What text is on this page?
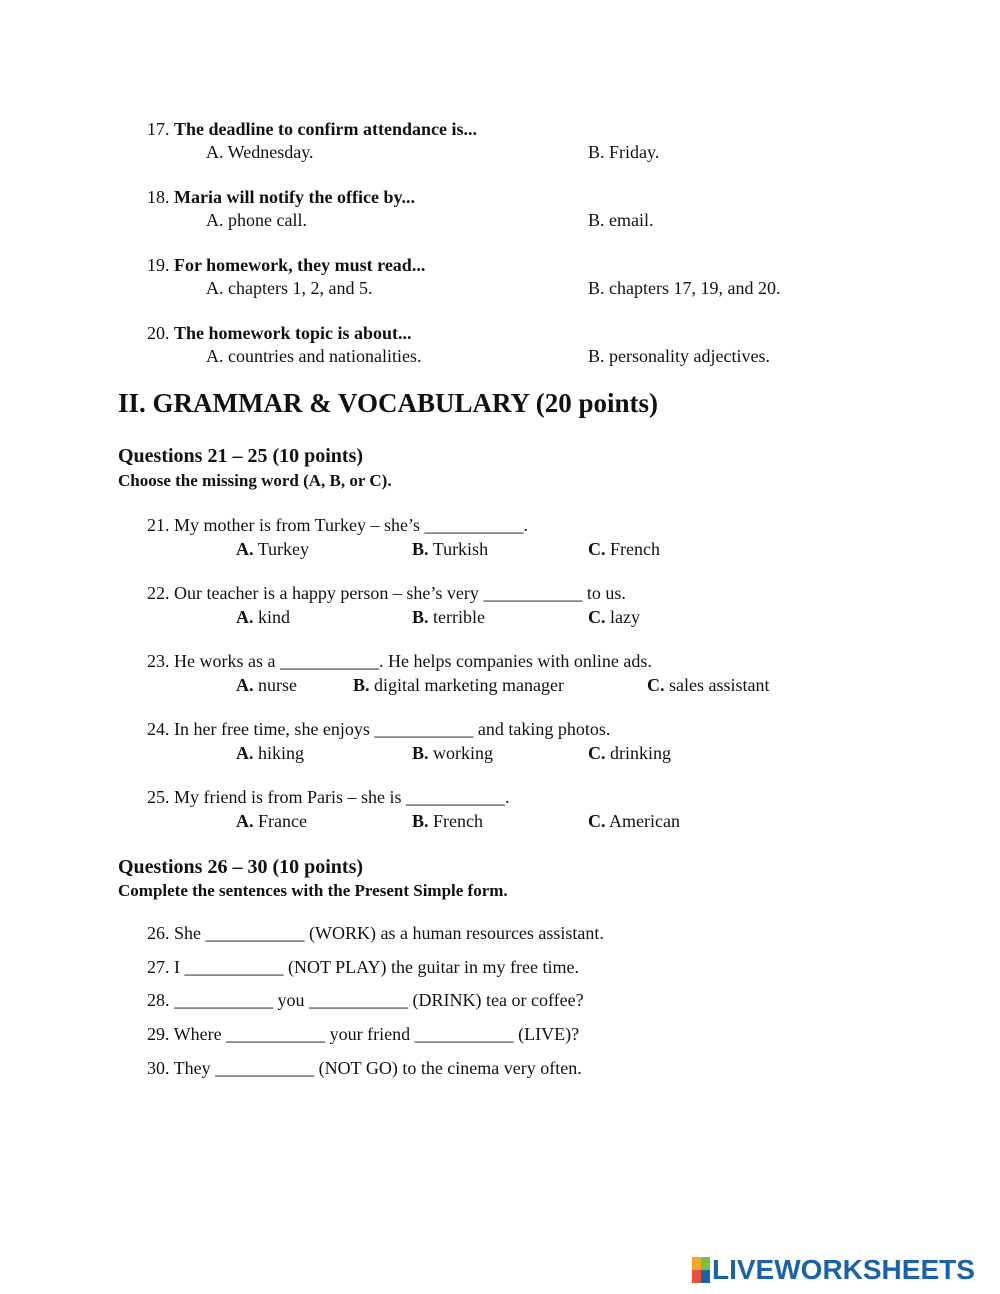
17. The deadline to confirm attendance is...
A. Wednesday.	B. Friday.
18. Maria will notify the office by...
A. phone call.	B. email.
19. For homework, they must read...
A. chapters 1, 2, and 5.	B. chapters 17, 19, and 20.
20. The homework topic is about...
A. countries and nationalities.	B. personality adjectives.
II. GRAMMAR & VOCABULARY (20 points)
Questions 21 – 25 (10 points)
Choose the missing word (A, B, or C).
21. My mother is from Turkey – she’s ___________.
A. Turkey	B. Turkish	C. French
22. Our teacher is a happy person – she’s very ___________ to us.
A. kind	B. terrible	C. lazy
23. He works as a ___________. He helps companies with online ads.
A. nurse	B. digital marketing manager	C. sales assistant
24. In her free time, she enjoys ___________ and taking photos.
A. hiking	B. working	C. drinking
25. My friend is from Paris – she is ___________.
A. France	B. French	C. American
Questions 26 – 30 (10 points)
Complete the sentences with the Present Simple form.
26. She ___________ (WORK) as a human resources assistant.
27. I ___________ (NOT PLAY) the guitar in my free time.
28. ___________ you ___________ (DRINK) tea or coffee?
29. Where ___________ your friend ___________ (LIVE)?
30. They ___________ (NOT GO) to the cinema very often.
LIVEWORKSHEETS
